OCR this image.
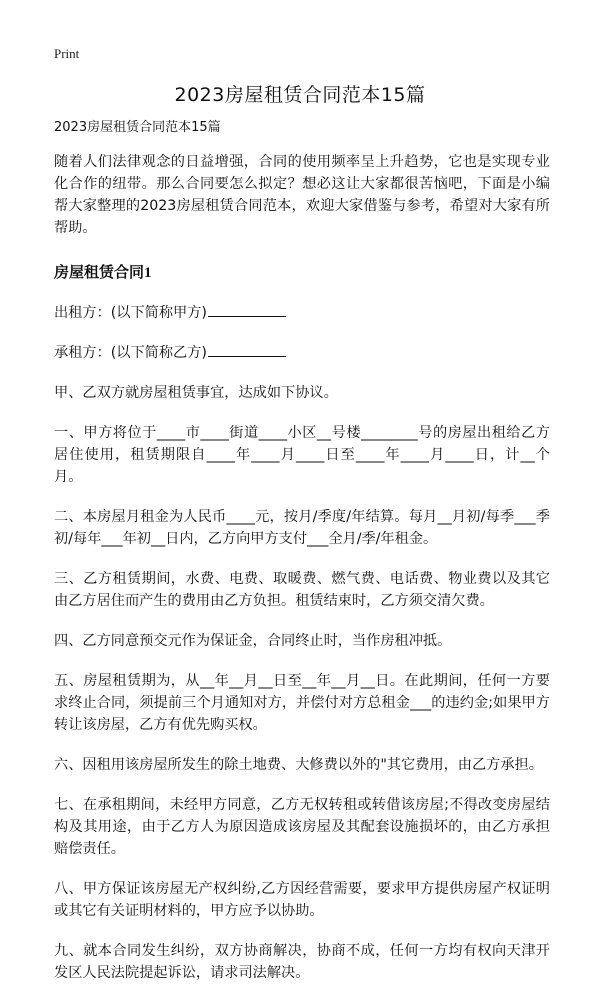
Print
2023房屋租赁合同范本15篇

2023房屋租赁合同范本15篇

随着人们法律观念的日益增强，合同的使用频率呈上升趋势，它也是实现专业化合作的纽带。那么合同要怎么拟定？想必这让大家都很苦恼吧，下面是小编帮大家整理的2023房屋租赁合同范本，欢迎大家借鉴与参考，希望对大家有所帮助。

房屋租赁合同1

出租方：(以下简称甲方)

承租方：(以下简称乙方)

甲、乙双方就房屋租赁事宜，达成如下协议。

一、甲方将位于____市____街道____小区__号楼________号的房屋出租给乙方居住使用，租赁期限自____年____月____日至____年____月____日，计__个月。

二、本房屋月租金为人民币____元，按月/季度/年结算。每月__月初/每季___季初/每年___年初__日内，乙方向甲方支付___全月/季/年租金。

三、乙方租赁期间，水费、电费、取暖费、燃气费、电话费、物业费以及其它由乙方居住而产生的费用由乙方负担。租赁结束时，乙方须交清欠费。

四、乙方同意预交元作为保证金，合同终止时，当作房租冲抵。

五、房屋租赁期为，从__年__月__日至__年__月__日。在此期间，任何一方要求终止合同，须提前三个月通知对方，并偿付对方总租金___的违约金;如果甲方转让该房屋，乙方有优先购买权。

六、因租用该房屋所发生的除土地费、大修费以外的"其它费用，由乙方承担。

七、在承租期间，未经甲方同意，乙方无权转租或转借该房屋;不得改变房屋结构及其用途，由于乙方人为原因造成该房屋及其配套设施损坏的，由乙方承担赔偿责任。

八、甲方保证该房屋无产权纠纷,乙方因经营需要，要求甲方提供房屋产权证明或其它有关证明材料的，甲方应予以协助。

九、就本合同发生纠纷，双方协商解决，协商不成，任何一方均有权向天津开发区人民法院提起诉讼，请求司法解决。
